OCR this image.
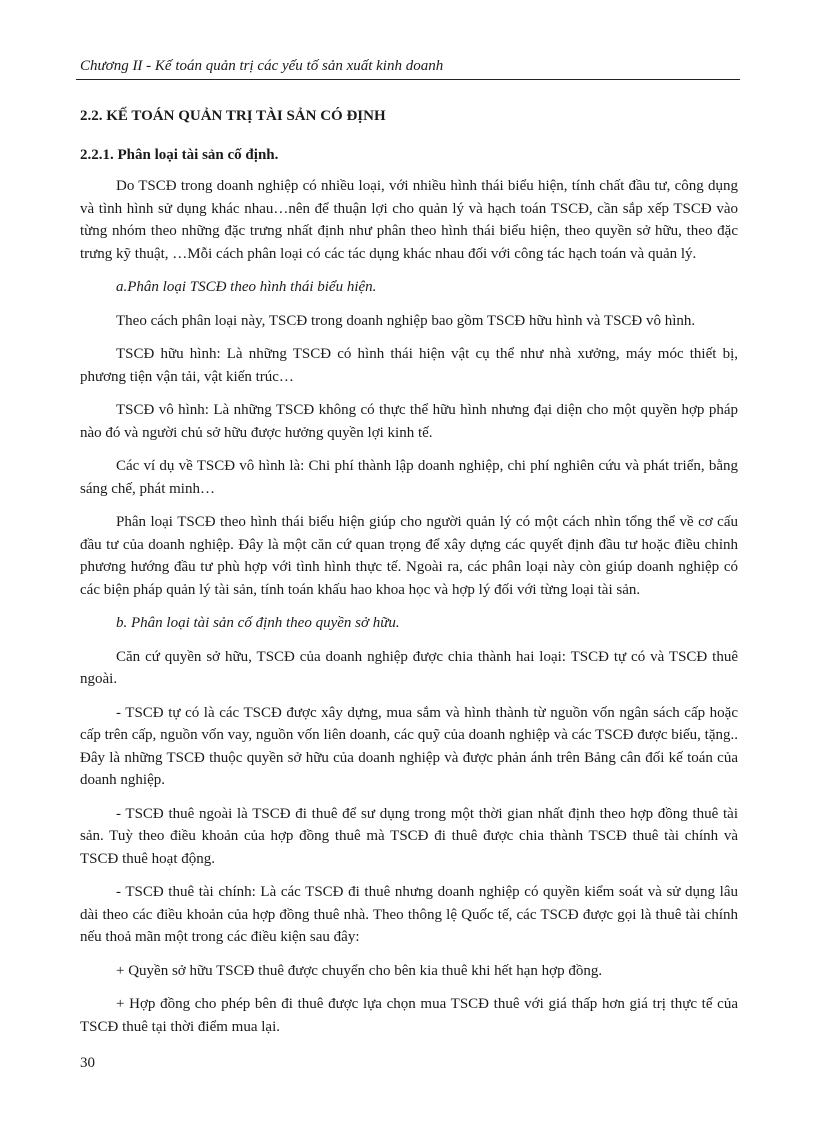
Chương II - Kế toán quản trị các yếu tố sản xuất kinh doanh
2.2. KẾ TOÁN QUẢN TRỊ TÀI SẢN CÓ ĐỊNH
2.2.1. Phân loại tài sản cố định.

Do TSCĐ trong doanh nghiệp có nhiều loại, với nhiều hình thái biểu hiện, tính chất đầu tư, công dụng và tình hình sử dụng khác nhau…nên để thuận lợi cho quản lý và hạch toán TSCĐ, cần sắp xếp TSCĐ vào từng nhóm theo những đặc trưng nhất định như phân theo hình thái biểu hiện, theo quyền sở hữu, theo đặc trưng kỹ thuật, …Mỗi cách phân loại có các tác dụng khác nhau đối với công tác hạch toán và quản lý.

a.Phân loại TSCĐ theo hình thái biểu hiện.

Theo cách phân loại này, TSCĐ trong doanh nghiệp bao gồm TSCĐ hữu hình và TSCĐ vô hình.

TSCĐ hữu hình: Là những TSCĐ có hình thái hiện vật cụ thể như nhà xưởng, máy móc thiết bị, phương tiện vận tải, vật kiến trúc…

TSCĐ vô hình: Là những TSCĐ không có thực thể hữu hình nhưng đại diện cho một quyền hợp pháp nào đó và người chủ sở hữu được hưởng quyền lợi kinh tế.

Các ví dụ về TSCĐ vô hình là: Chi phí thành lập doanh nghiệp, chi phí nghiên cứu và phát triển, bằng sáng chế, phát minh…

Phân loại TSCĐ theo hình thái biểu hiện giúp cho người quản lý có một cách nhìn tổng thể về cơ cấu đầu tư của doanh nghiệp. Đây là một căn cứ quan trọng để xây dựng các quyết định đầu tư hoặc điều chỉnh phương hướng đầu tư phù hợp với tình hình thực tế. Ngoài ra, các phân loại này còn giúp doanh nghiệp có các biện pháp quản lý tài sản, tính toán khấu hao khoa học và hợp lý đối với từng loại tài sản.

b. Phân loại tài sản cố định theo quyền sở hữu.

Căn cứ quyền sở hữu, TSCĐ của doanh nghiệp được chia thành hai loại: TSCĐ tự có và TSCĐ thuê ngoài.

- TSCĐ tự có là các TSCĐ được xây dựng, mua sắm và hình thành từ nguồn vốn ngân sách cấp hoặc cấp trên cấp, nguồn vốn vay, nguồn vốn liên doanh, các quỹ của doanh nghiệp và các TSCĐ được biếu, tặng.. Đây là những TSCĐ thuộc quyền sở hữu của doanh nghiệp và được phản ánh trên Bảng cân đối kế toán của doanh nghiệp.

- TSCĐ thuê ngoài là TSCĐ đi thuê để sư dụng trong một thời gian nhất định theo hợp đồng thuê tài sản. Tuỳ theo điều khoản của hợp đồng thuê mà TSCĐ đi thuê được chia thành TSCĐ thuê tài chính và TSCĐ thuê hoạt động.

- TSCĐ thuê tài chính: Là các TSCĐ đi thuê nhưng doanh nghiệp có quyền kiểm soát và sử dụng lâu dài theo các điều khoản của hợp đồng thuê nhà. Theo thông lệ Quốc tế, các TSCĐ được gọi là thuê tài chính nếu thoả mãn một trong các điều kiện sau đây:

+ Quyền sở hữu TSCĐ thuê được chuyển cho bên kia thuê khi hết hạn hợp đồng.

+ Hợp đồng cho phép bên đi thuê được lựa chọn mua TSCĐ thuê với giá thấp hơn giá trị thực tế của TSCĐ thuê tại thời điểm mua lại.

30
